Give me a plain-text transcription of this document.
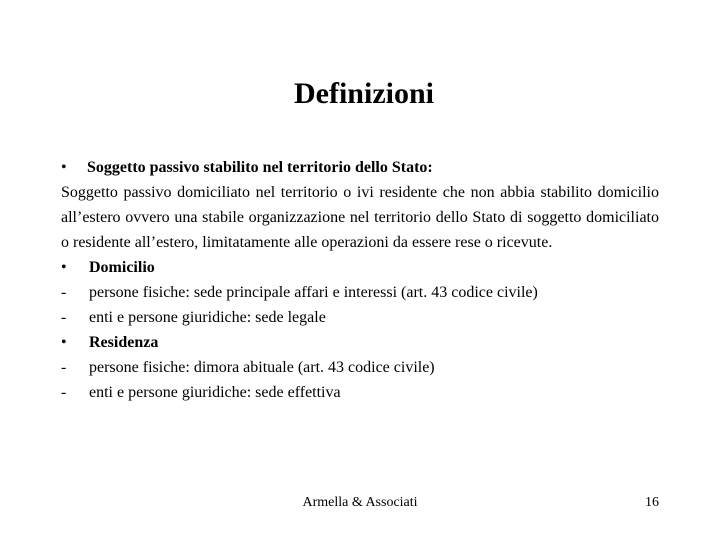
Definizioni
•	Soggetto passivo stabilito nel territorio dello Stato:
Soggetto passivo domiciliato nel territorio o ivi residente che non abbia stabilito domicilio all’estero ovvero una stabile organizzazione nel territorio dello Stato di soggetto domiciliato o residente all’estero, limitatamente alle operazioni da essere rese o ricevute.
•	Domicilio
-	persone fisiche: sede principale affari e interessi (art. 43 codice civile)
-	enti e persone giuridiche: sede legale
•	Residenza
-	persone fisiche: dimora abituale (art. 43 codice civile)
-	enti e persone giuridiche: sede effettiva
Armella & Associati	16
